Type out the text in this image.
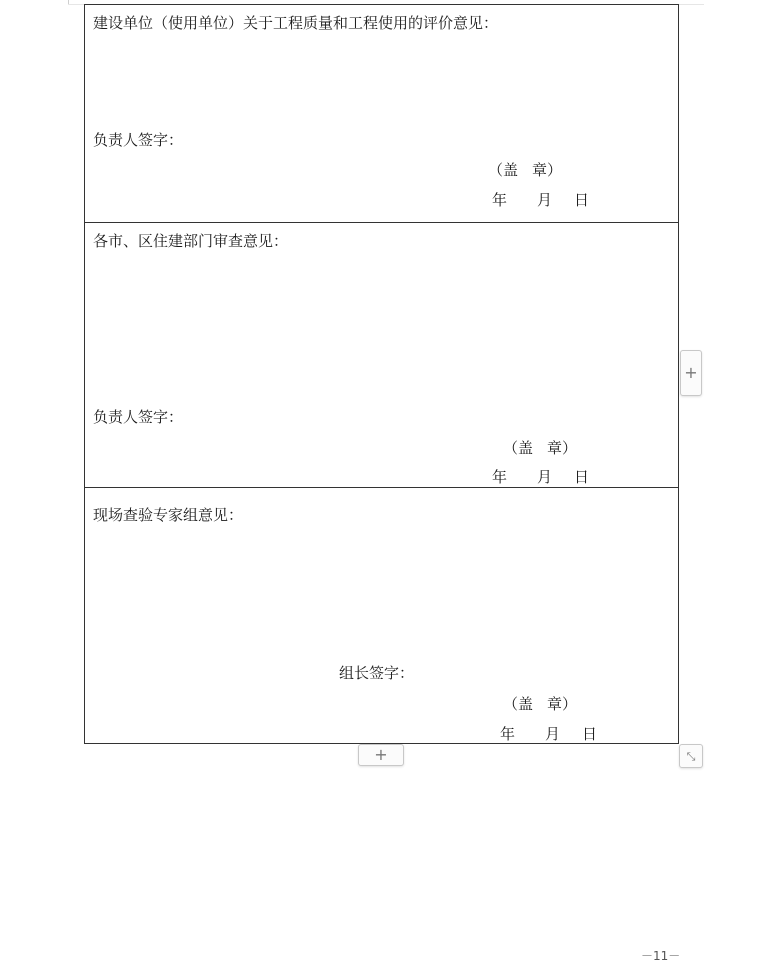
建设单位（使用单位）关于工程质量和工程使用的评价意见：
负责人签字：
（盖 章）
年 月 日
各市、区住建部门审查意见：
负责人签字：
（盖 章）
年 月 日
现场查验专家组意见：
组长签字：
（盖 章）
年 月 日
+
+	⤡
－11－
